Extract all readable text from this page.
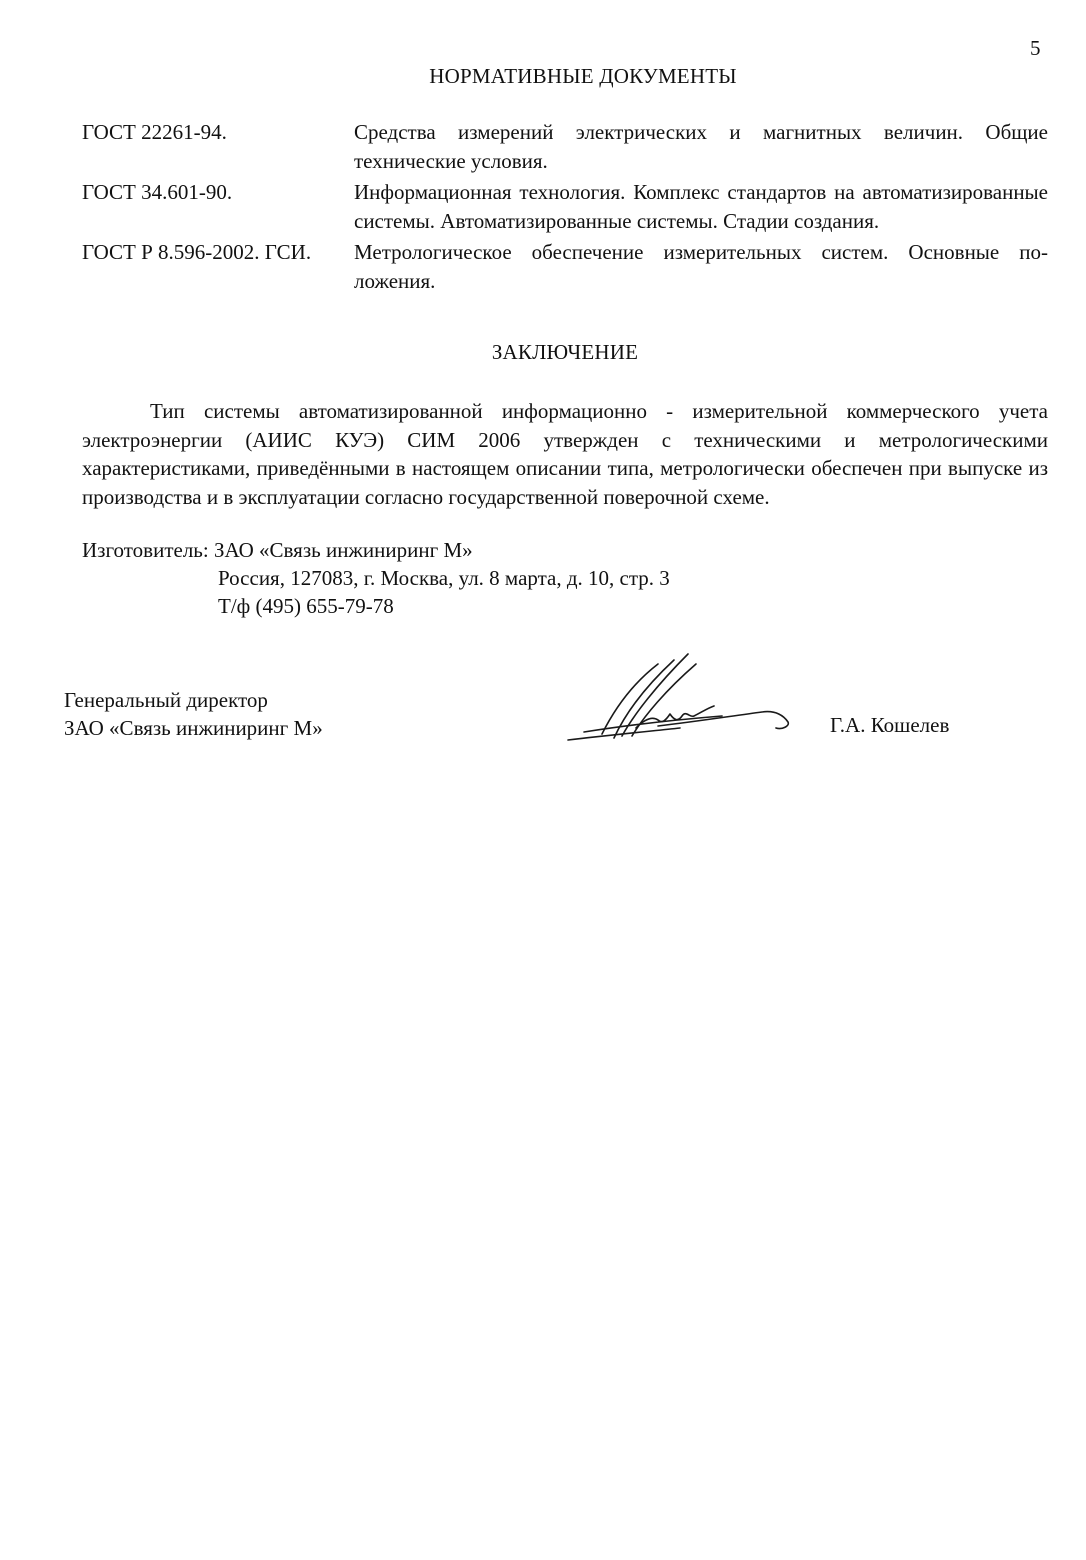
5
НОРМАТИВНЫЕ ДОКУМЕНТЫ
ГОСТ 22261-94.	Средства измерений электрических и магнитных величин. Общие технические условия.
ГОСТ 34.601-90.	Информационная технология. Комплекс стандартов на автоматизированные системы. Автоматизированные системы. Стадии создания.
ГОСТ Р 8.596-2002. ГСИ.	Метрологическое обеспечение измерительных систем. Основные положения.
ЗАКЛЮЧЕНИЕ
Тип системы автоматизированной информационно - измерительной коммерческого учета электроэнергии (АИИС КУЭ) СИМ 2006 утвержден с техническими и метрологическими характеристиками, приведёнными в настоящем описании типа, метрологически обеспечен при выпуске из производства и в эксплуатации согласно государственной поверочной схеме.
Изготовитель: ЗАО «Связь инжиниринг М»
Россия, 127083, г. Москва, ул. 8 марта, д. 10, стр. 3
Т/ф (495) 655-79-78
Генеральный директор
ЗАО «Связь инжиниринг М»	Г.А. Кошелев
